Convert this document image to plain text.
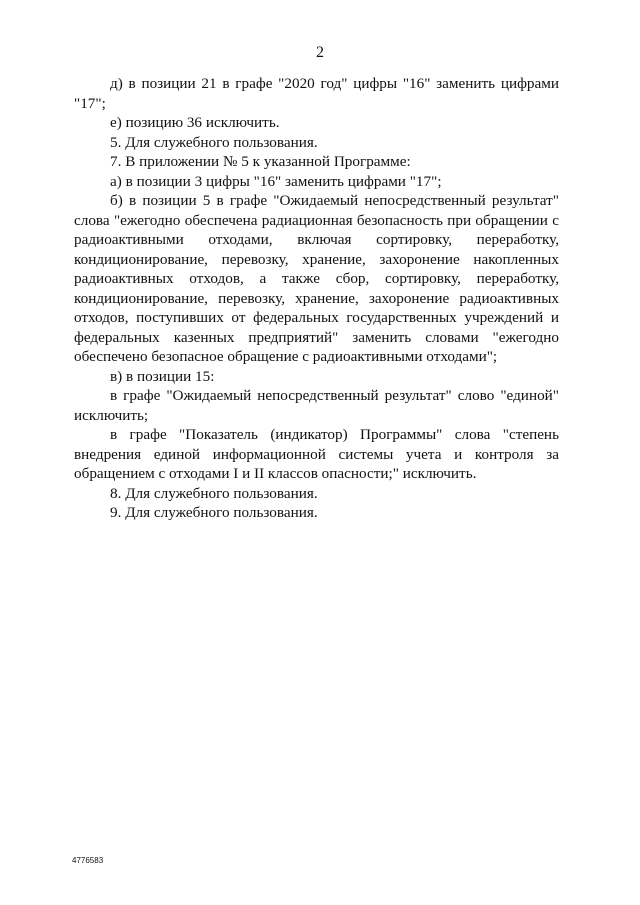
2

д) в позиции 21 в графе "2020 год" цифры "16" заменить цифрами "17";

е) позицию 36 исключить.

5. Для служебного пользования.

7. В приложении № 5 к указанной Программе:

а) в позиции 3 цифры "16" заменить цифрами "17";

б) в позиции 5 в графе "Ожидаемый непосредственный результат" слова "ежегодно обеспечена радиационная безопасность при обращении с радиоактивными отходами, включая сортировку, переработку, кондиционирование, перевозку, хранение, захоронение накопленных радиоактивных отходов, а также сбор, сортировку, переработку, кондиционирование, перевозку, хранение, захоронение радиоактивных отходов, поступивших от федеральных государственных учреждений и федеральных казенных предприятий" заменить словами "ежегодно обеспечено безопасное обращение с радиоактивными отходами";

в) в позиции 15:

в графе "Ожидаемый непосредственный результат" слово "единой" исключить;

в графе "Показатель (индикатор) Программы" слова "степень внедрения единой информационной системы учета и контроля за обращением с отходами I и II классов опасности;" исключить.

8. Для служебного пользования.

9. Для служебного пользования.

4776583
